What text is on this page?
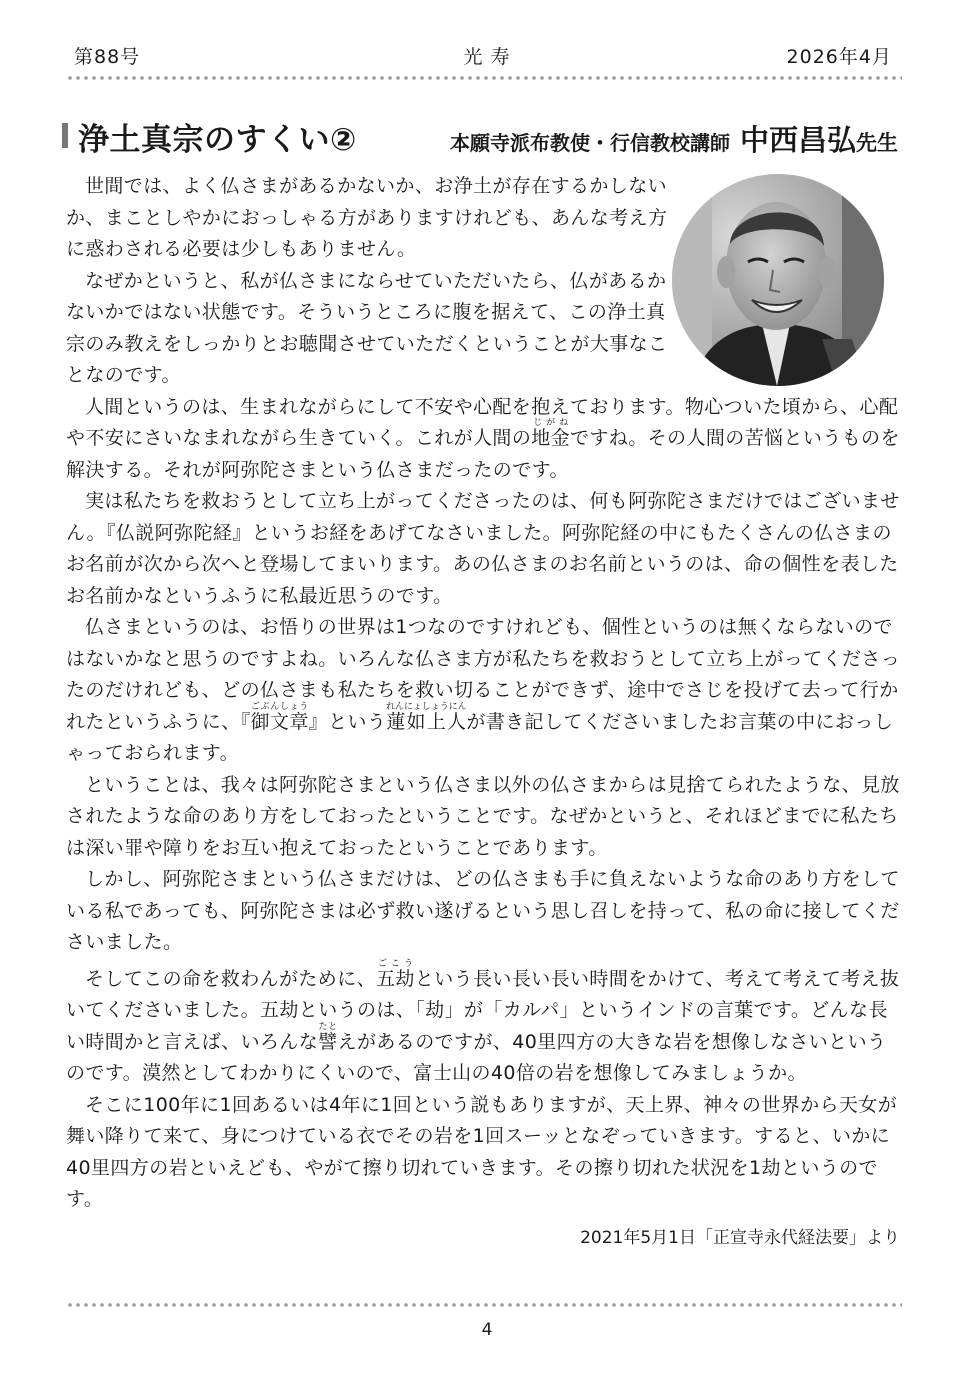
第88号	光 寿	2026年4月
浄土真宗のすくい②	本願寺派布教使・行信教校講師 中西昌弘先生

世間では、よく仏さまがあるかないか、お浄土が存在するかしないか、まことしやかにおっしゃる方がありますけれども、あんな考え方に惑わされる必要は少しもありません。

なぜかというと、私が仏さまにならせていただいたら、仏があるかないかではない状態です。そういうところに腹を据えて、この浄土真宗のみ教えをしっかりとお聴聞させていただくということが大事なことなのです。

人間というのは、生まれながらにして不安や心配を抱えております。物心ついた頃から、心配や不安にさいなまれながら生きていく。これが人間の地金じがねですね。その人間の苦悩というものを解決する。それが阿弥陀さまという仏さまだったのです。

実は私たちを救おうとして立ち上がってくださったのは、何も阿弥陀さまだけではございません。『仏説阿弥陀経』というお経をあげてなさいました。阿弥陀経の中にもたくさんの仏さまのお名前が次から次へと登場してまいります。あの仏さまのお名前というのは、命の個性を表したお名前かなというふうに私最近思うのです。

仏さまというのは、お悟りの世界は1つなのですけれども、個性というのは無くならないのではないかなと思うのですよね。いろんな仏さま方が私たちを救おうとして立ち上がってくださったのだけれども、どの仏さまも私たちを救い切ることができず、途中でさじを投げて去って行かれたというふうに、『御文章ごぶんしょう』という蓮如上人れんにょしょうにんが書き記してくださいましたお言葉の中におっしゃっておられます。

ということは、我々は阿弥陀さまという仏さま以外の仏さまからは見捨てられたような、見放されたような命のあり方をしておったということです。なぜかというと、それほどまでに私たちは深い罪や障りをお互い抱えておったということであります。

しかし、阿弥陀さまという仏さまだけは、どの仏さまも手に負えないような命のあり方をしている私であっても、阿弥陀さまは必ず救い遂げるという思し召しを持って、私の命に接してくださいました。

そしてこの命を救わんがために、五劫ごこうという長い長い長い時間をかけて、考えて考えて考え抜いてくださいました。五劫というのは、「劫」が「カルパ」というインドの言葉です。どんな長い時間かと言えば、いろんな譬たとえがあるのですが、40里四方の大きな岩を想像しなさいというのです。漠然としてわかりにくいので、富士山の40倍の岩を想像してみましょうか。

そこに100年に1回あるいは4年に1回という説もありますが、天上界、神々の世界から天女が舞い降りて来て、身につけている衣でその岩を1回スーッとなぞっていきます。すると、いかに40里四方の岩といえども、やがて擦り切れていきます。その擦り切れた状況を1劫というのです。

2021年5月1日「正宣寺永代経法要」より
4
